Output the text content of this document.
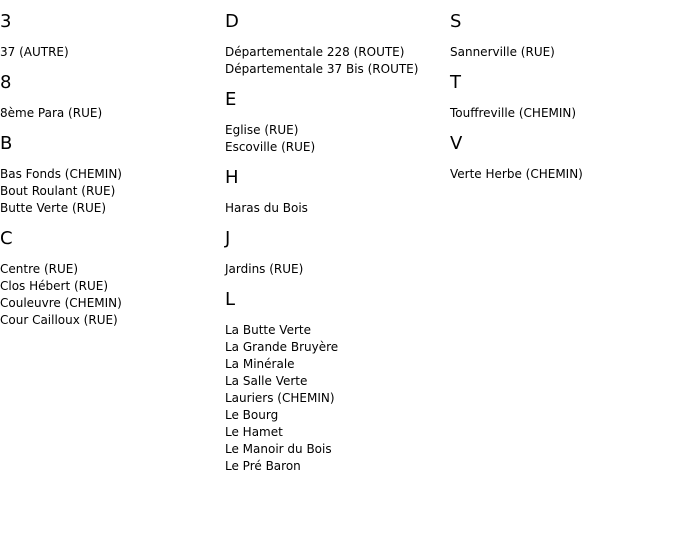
3
37 (AUTRE)
8
8ème Para (RUE)
B
Bas Fonds (CHEMIN)
Bout Roulant (RUE)
Butte Verte (RUE)
C
Centre (RUE)
Clos Hébert (RUE)
Couleuvre (CHEMIN)
Cour Cailloux (RUE)
D
Départementale 228 (ROUTE)
Départementale 37 Bis (ROUTE)
E
Eglise (RUE)
Escoville (RUE)
H
Haras du Bois
J
Jardins (RUE)
L
La Butte Verte
La Grande Bruyère
La Minérale
La Salle Verte
Lauriers (CHEMIN)
Le Bourg
Le Hamet
Le Manoir du Bois
Le Pré Baron
S
Sannerville (RUE)
T
Touffreville (CHEMIN)
V
Verte Herbe (CHEMIN)
